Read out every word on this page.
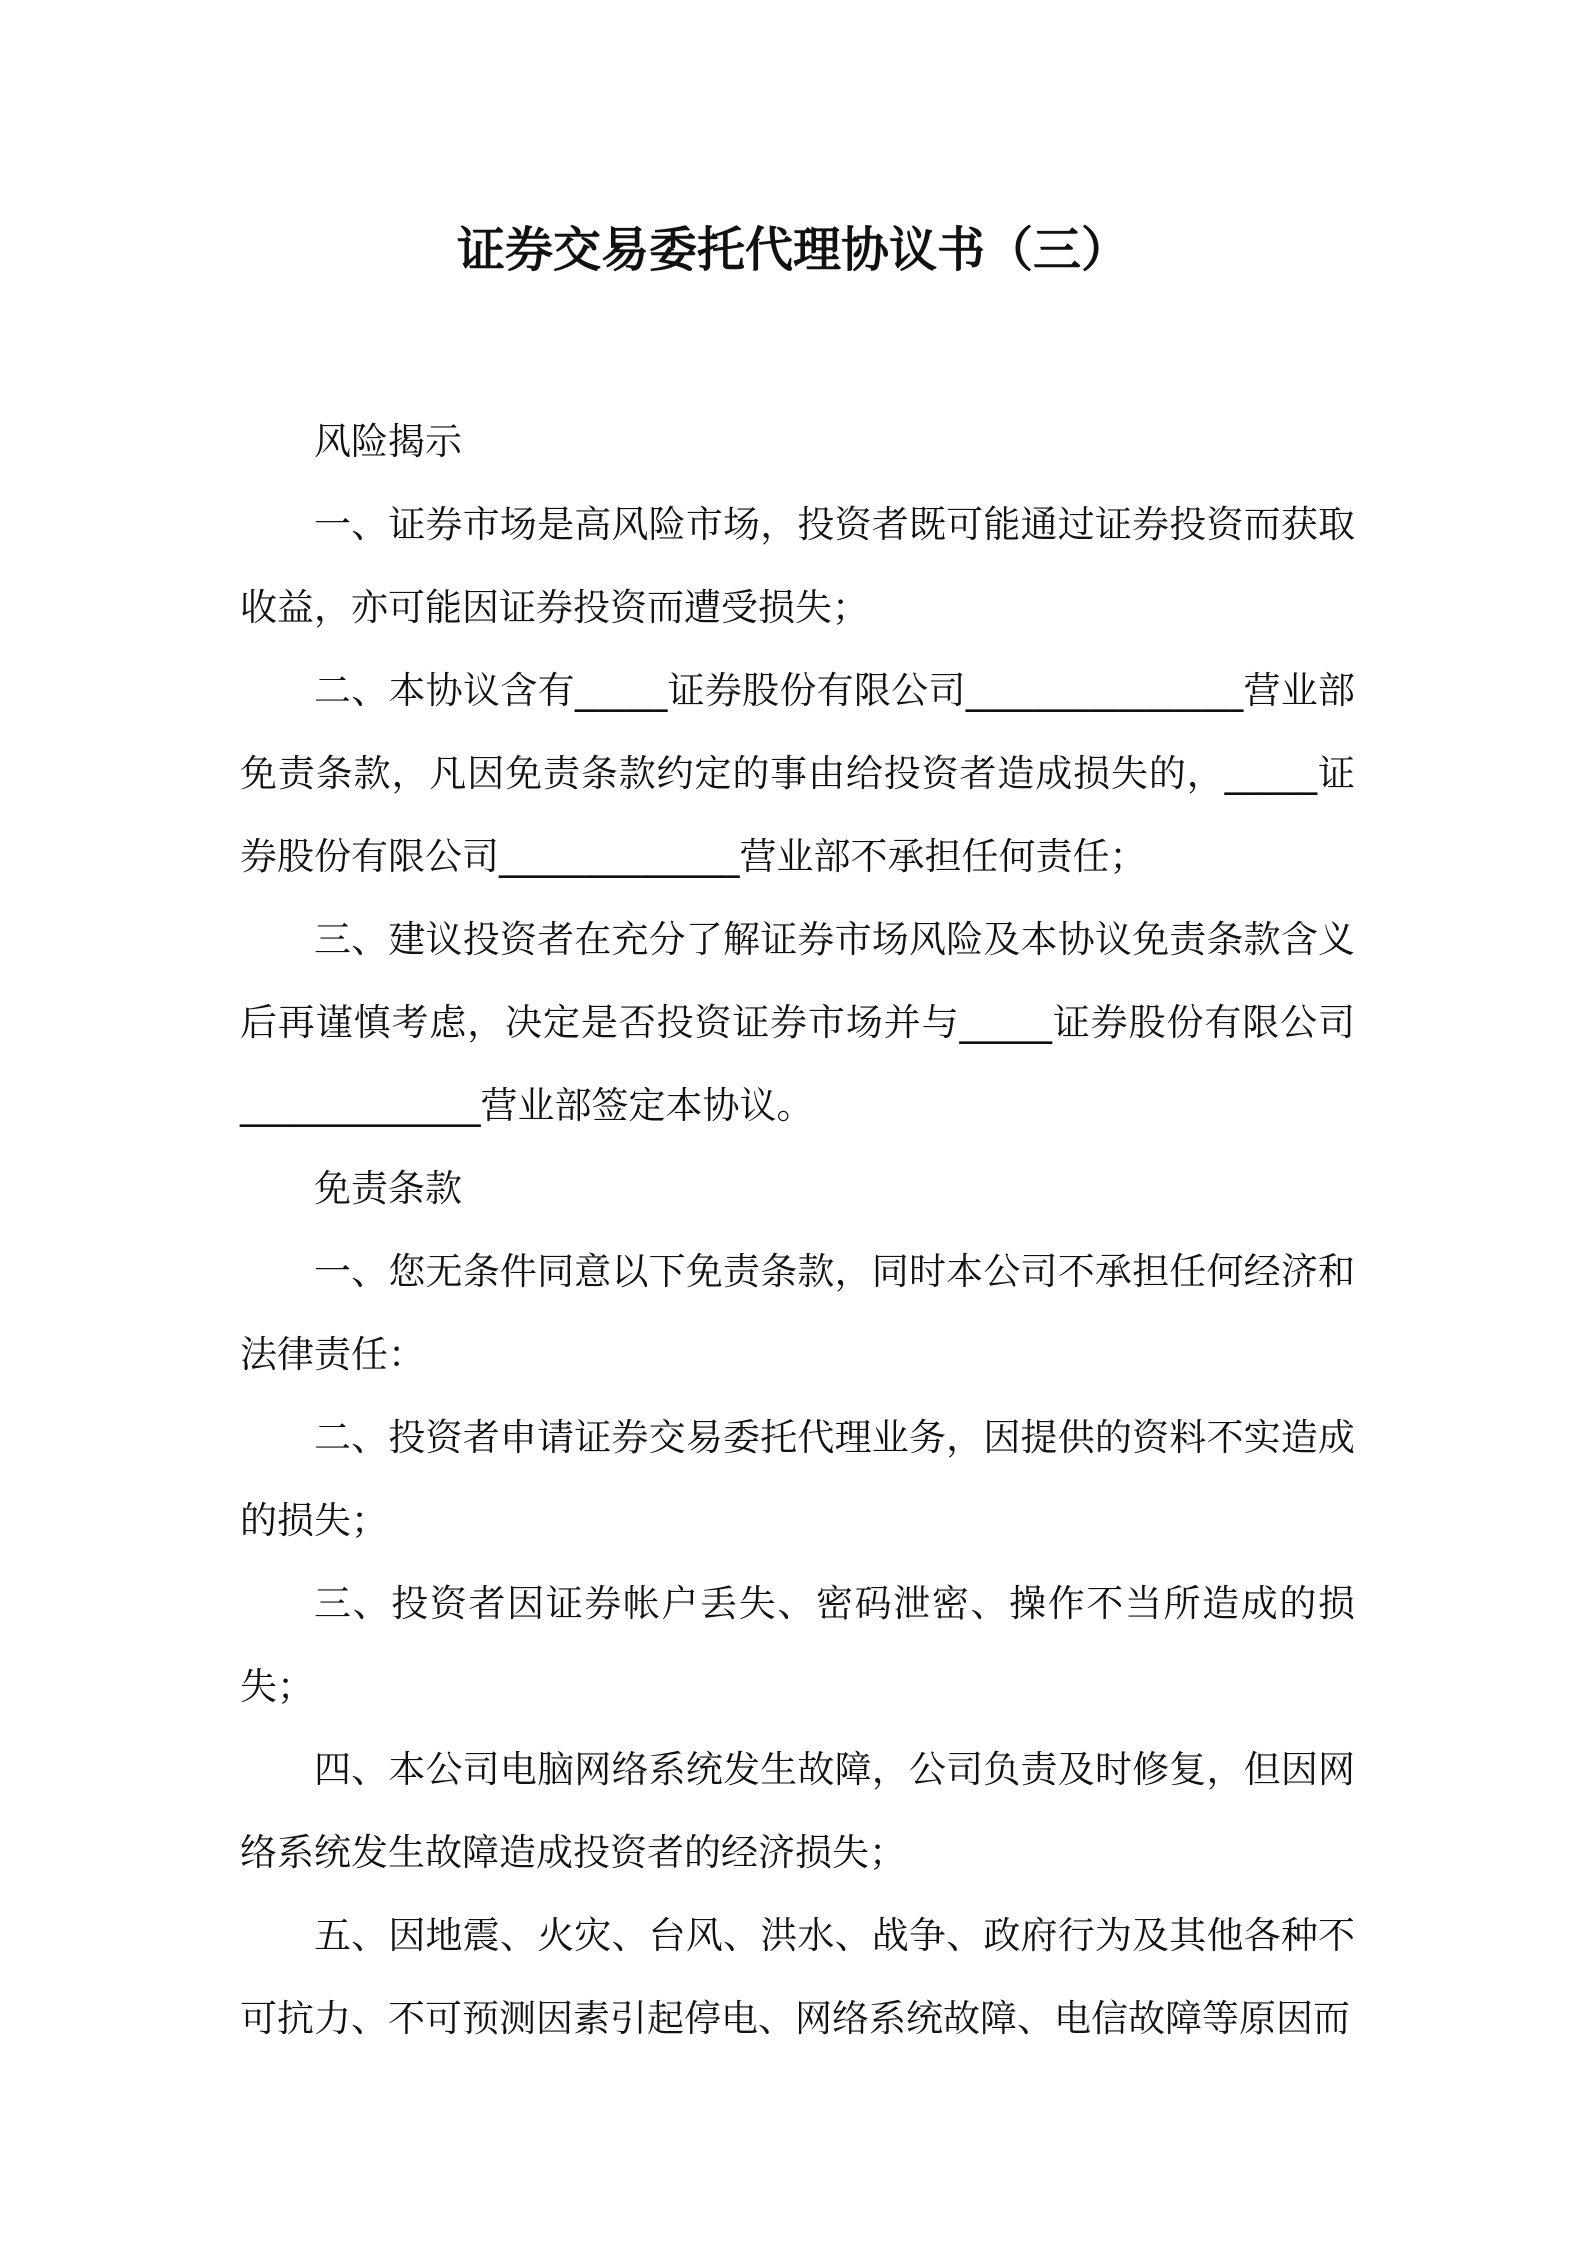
证券交易委托代理协议书（三）

风险揭示

一、证券市场是高风险市场，投资者既可能通过证券投资而获取收益，亦可能因证券投资而遭受损失；

二、本协议含有_____证券股份有限公司_______________营业部免责条款，凡因免责条款约定的事由给投资者造成损失的，_____证券股份有限公司_____________营业部不承担任何责任；

三、建议投资者在充分了解证券市场风险及本协议免责条款含义后再谨慎考虑，决定是否投资证券市场并与_____证券股份有限公司_____________营业部签定本协议。

免责条款

一、您无条件同意以下免责条款，同时本公司不承担任何经济和法律责任：

二、投资者申请证券交易委托代理业务，因提供的资料不实造成的损失；

三、投资者因证券帐户丢失、密码泄密、操作不当所造成的损失；

四、本公司电脑网络系统发生故障，公司负责及时修复，但因网络系统发生故障造成投资者的经济损失；

五、因地震、火灾、台风、洪水、战争、政府行为及其他各种不可抗力、不可预测因素引起停电、网络系统故障、电信故障等原因而
